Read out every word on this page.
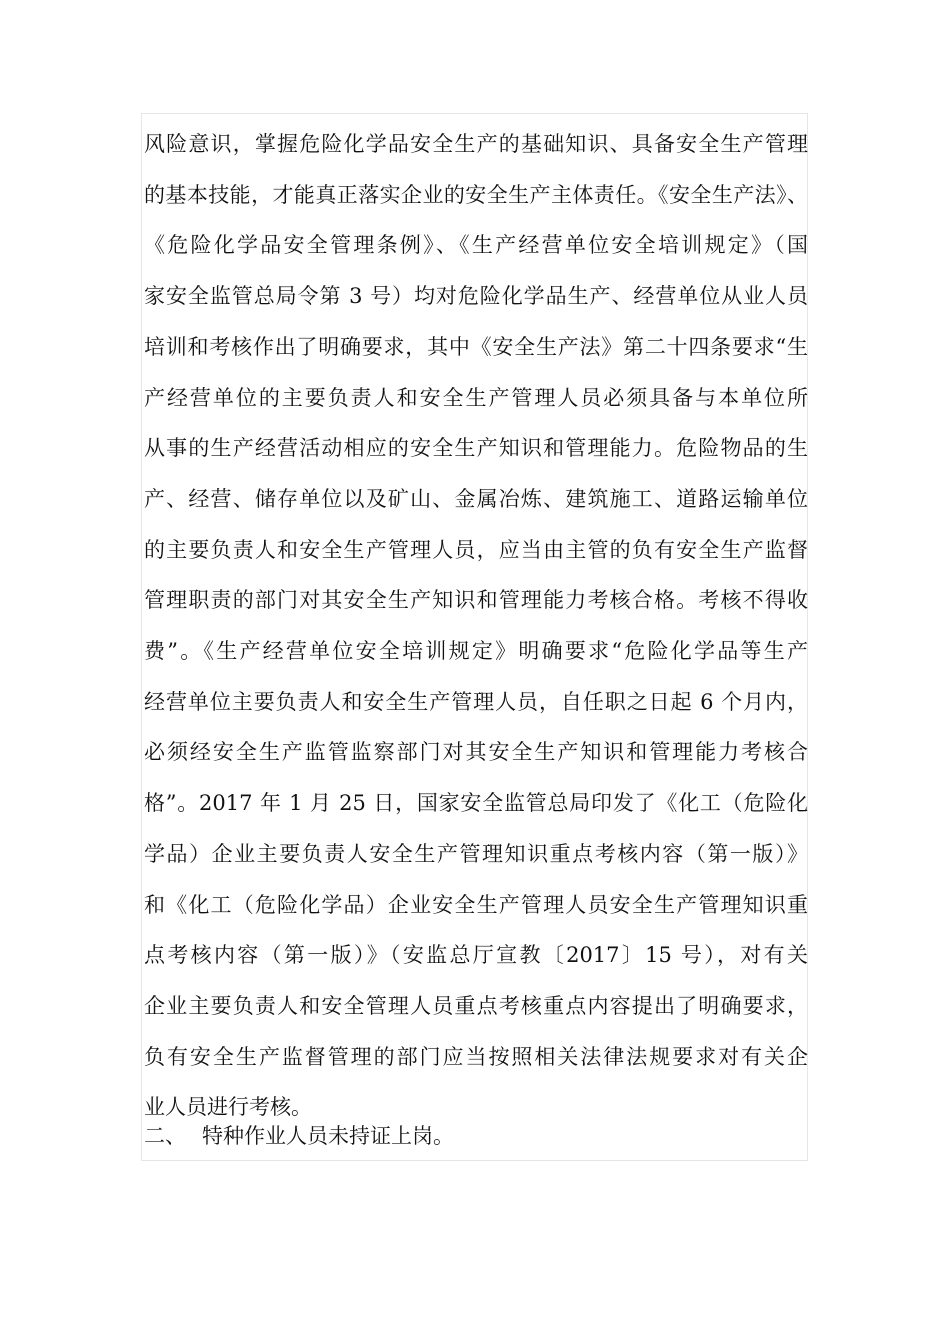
风险意识，掌握危险化学品安全生产的基础知识、具备安全生产管理
的基本技能，才能真正落实企业的安全生产主体责任。《安全生产法》、
《危险化学品安全管理条例》、《生产经营单位安全培训规定》（国
家安全监管总局令第 3 号）均对危险化学品生产、经营单位从业人员
培训和考核作出了明确要求，其中《安全生产法》第二十四条要求“生
产经营单位的主要负责人和安全生产管理人员必须具备与本单位所
从事的生产经营活动相应的安全生产知识和管理能力。危险物品的生
产、经营、储存单位以及矿山、金属冶炼、建筑施工、道路运输单位
的主要负责人和安全生产管理人员，应当由主管的负有安全生产监督
管理职责的部门对其安全生产知识和管理能力考核合格。考核不得收
费”。《生产经营单位安全培训规定》明确要求“危险化学品等生产
经营单位主要负责人和安全生产管理人员，自任职之日起 6 个月内，
必须经安全生产监管监察部门对其安全生产知识和管理能力考核合
格”。2017 年 1 月 25 日，国家安全监管总局印发了《化工（危险化
学品）企业主要负责人安全生产管理知识重点考核内容（第一版）》
和《化工（危险化学品）企业安全生产管理人员安全生产管理知识重
点考核内容（第一版）》（安监总厅宣教〔2017〕15 号），对有关
企业主要负责人和安全管理人员重点考核重点内容提出了明确要求，
负有安全生产监督管理的部门应当按照相关法律法规要求对有关企
业人员进行考核。
二、 特种作业人员未持证上岗。
